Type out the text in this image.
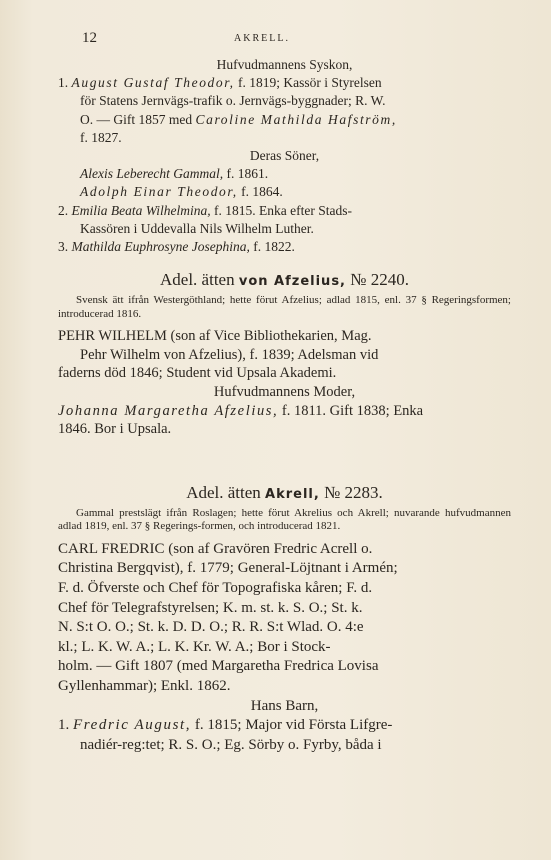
12	AKRELL.
Hufvudmannens Syskon,
1. August Gustaf Theodor, f. 1819; Kassör i Styrelsen
för Statens Jernvägs-trafik o. Jernvägs-byggnader; R. W.
O. — Gift 1857 med Caroline Mathilda Hafström,
f. 1827.
Deras Söner,
Alexis Leberecht Gammal, f. 1861.
Adolph Einar Theodor, f. 1864.
2. Emilia Beata Wilhelmina, f. 1815. Enka efter Stads-
Kassören i Uddevalla Nils Wilhelm Luther.
3. Mathilda Euphrosyne Josephina, f. 1822.
Adel. ätten von Afzelius, № 2240.
Svensk ätt ifrån Westergöthland; hette förut Afzelius; adlad 1815, enl. 37 § Regeringsformen; introducerad 1816.
PEHR WILHELM (son af Vice Bibliothekarien, Mag.
Pehr Wilhelm von Afzelius), f. 1839; Adelsman vid
faderns död 1846; Student vid Upsala Akademi.
Hufvudmannens Moder,
Johanna Margaretha Afzelius, f. 1811. Gift 1838; Enka
1846. Bor i Upsala.
Adel. ätten Akrell, № 2283.
Gammal prestslägt ifrån Roslagen; hette förut Akrelius och Akrell; nuvarande hufvudmannen adlad 1819, enl. 37 § Regerings-formen, och introducerad 1821.
CARL FREDRIC (son af Gravören Fredric Acrell o.
Christina Bergqvist), f. 1779; General-Löjtnant i Armén;
F. d. Öfverste och Chef för Topografiska kåren; F. d.
Chef för Telegrafstyrelsen; K. m. st. k. S. O.; St. k.
N. S:t O. O.; St. k. D. D. O.; R. R. S:t Wlad. O. 4:e
kl.; L. K. W. A.; L. K. Kr. W. A.; Bor i Stock-
holm. — Gift 1807 (med Margaretha Fredrica Lovisa
Gyllenhammar); Enkl. 1862.
Hans Barn,
1. Fredric August, f. 1815; Major vid Första Lifgre-
nadiér-reg:tet; R. S. O.; Eg. Sörby o. Fyrby, båda i
